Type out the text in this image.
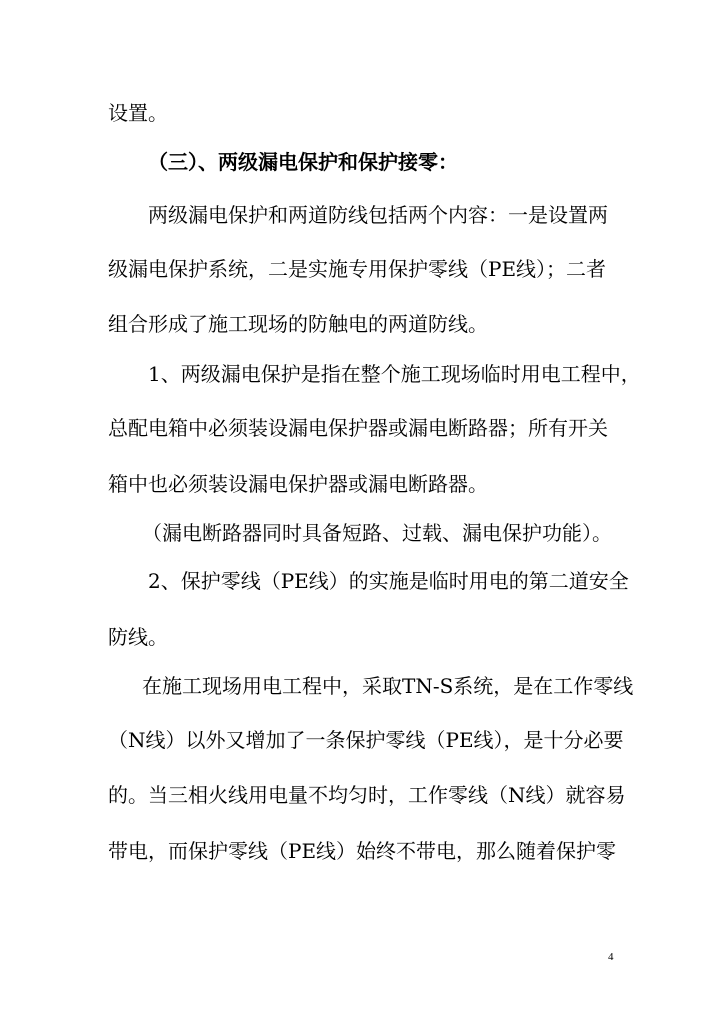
设置。
（三）、两级漏电保护和保护接零：
两级漏电保护和两道防线包括两个内容：一是设置两
级漏电保护系统，二是实施专用保护零线（PE线）；二者
组合形成了施工现场的防触电的两道防线。
1、两级漏电保护是指在整个施工现场临时用电工程中，
总配电箱中必须装设漏电保护器或漏电断路器；所有开关
箱中也必须装设漏电保护器或漏电断路器。
（漏电断路器同时具备短路、过载、漏电保护功能）。
2、保护零线（PE线）的实施是临时用电的第二道安全
防线。
在施工现场用电工程中，采取TN-S系统，是在工作零线
（N线）以外又增加了一条保护零线（PE线），是十分必要
的。当三相火线用电量不均匀时，工作零线（N线）就容易
带电，而保护零线（PE线）始终不带电，那么随着保护零
4
